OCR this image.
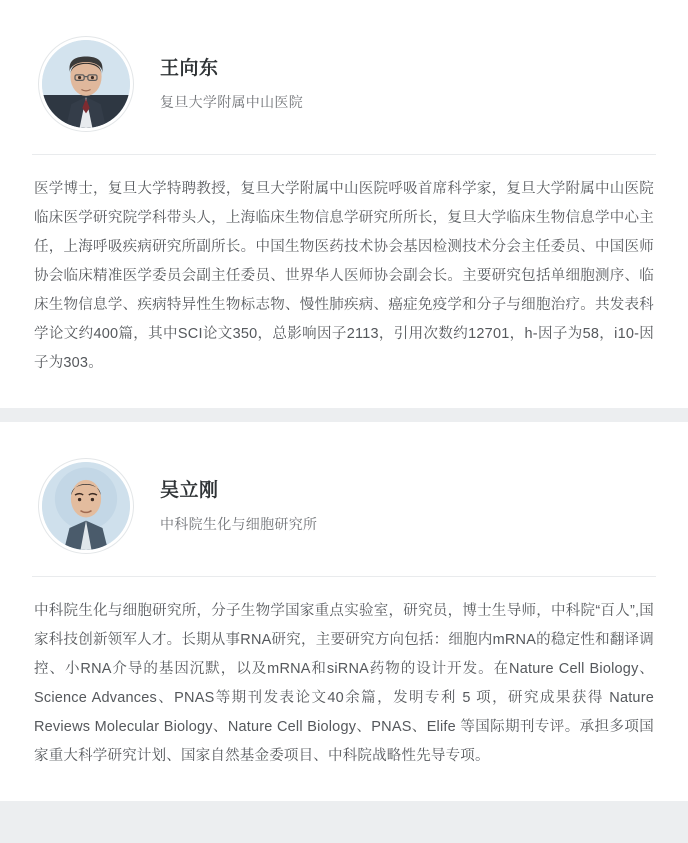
王向东
复旦大学附属中山医院
医学博士，复旦大学特聘教授，复旦大学附属中山医院呼吸首席科学家，复旦大学附属中山医院临床医学研究院学科带头人，上海临床生物信息学研究所所长，复旦大学临床生物信息学中心主任，上海呼吸疾病研究所副所长。中国生物医药技术协会基因检测技术分会主任委员、中国医师协会临床精准医学委员会副主任委员、世界华人医师协会副会长。主要研究包括单细胞测序、临床生物信息学、疾病特异性生物标志物、慢性肺疾病、癌症免疫学和分子与细胞治疗。共发表科学论文约400篇，其中SCI论文350，总影响因子2113，引用次数约12701，h-因子为58，i10-因子为303。
吴立刚
中科院生化与细胞研究所
中科院生化与细胞研究所，分子生物学国家重点实验室，研究员，博士生导师，中科院“百人”,国家科技创新领军人才。长期从事RNA研究，主要研究方向包括：细胞内mRNA的稳定性和翻译调控、小RNA介导的基因沉默，以及mRNA和siRNA药物的设计开发。在Nature Cell Biology、Science Advances、PNAS等期刊发表论文40余篇，发明专利 5 项，研究成果获得 Nature Reviews Molecular Biology、Nature Cell Biology、PNAS、Elife 等国际期刊专评。承担多项国家重大科学研究计划、国家自然基金委项目、中科院战略性先导专项。
